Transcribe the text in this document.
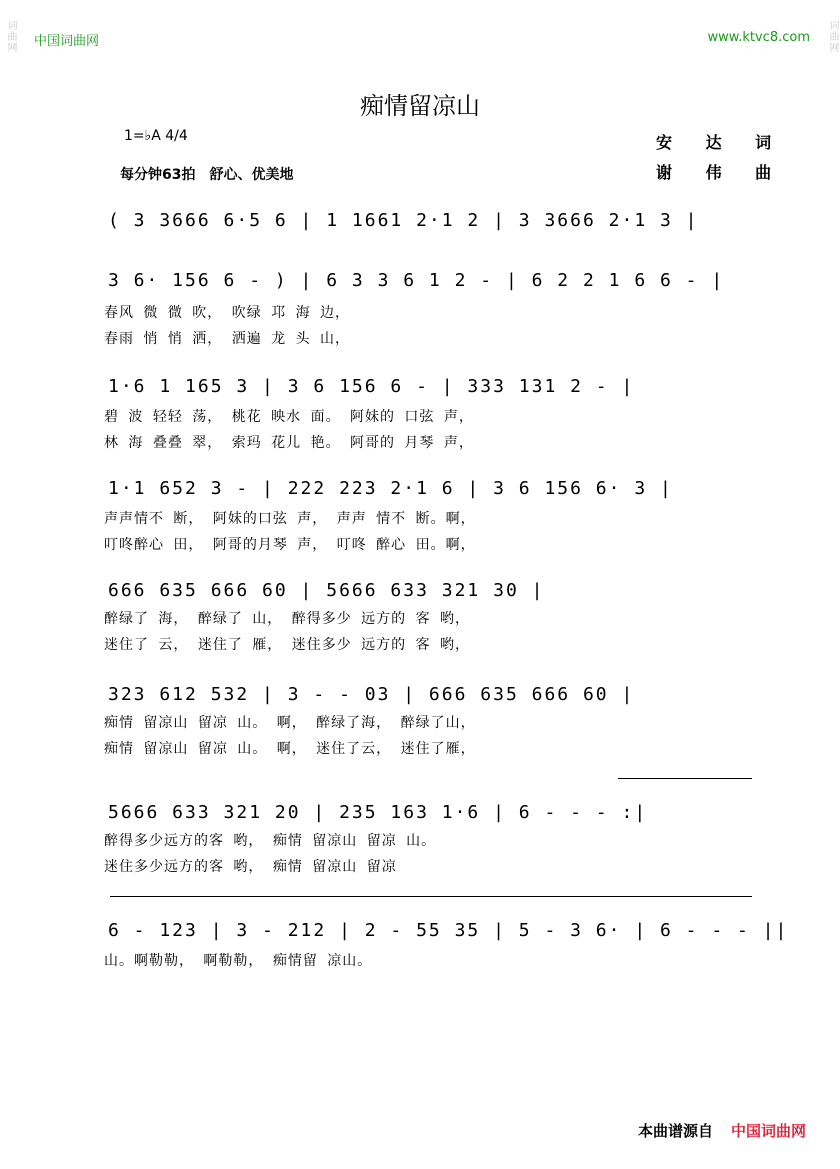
词曲网	词曲网
中国词曲网	www.ktvc8.com
痴情留凉山
1=♭A 4/4
每分钟63拍　舒心、优美地
安 达 词
谢 伟 曲
( 3 3666 6·5 6 | 1 1661 2·1 2 | 3 3666 2·1 3 |
3 6· 156 6 - ) | 6 3 3 6 1 2 - | 6 2 2 1 6 6 - |
春风 微 微 吹， 吹绿 邛 海 边，
春雨 悄 悄 洒， 洒遍 龙 头 山，
1·6 1 165 3 | 3 6 156 6 - | 333 131 2 - |
碧 波 轻轻 荡， 桃花 映水 面。 阿妹的 口弦 声，
林 海 叠叠 翠， 索玛 花儿 艳。 阿哥的 月琴 声，
1·1 652 3 - | 222 223 2·1 6 | 3 6 156 6· 3 |
声声情不 断， 阿妹的口弦 声， 声声 情不 断。啊，
叮咚醉心 田， 阿哥的月琴 声， 叮咚 醉心 田。啊，
666 635 666 60 | 5666 633 321 30 |
醉绿了 海， 醉绿了 山， 醉得多少 远方的 客 哟，
迷住了 云， 迷住了 雁， 迷住多少 远方的 客 哟，
323 612 532 | 3 - - 03 | 666 635 666 60 |
痴情 留凉山 留凉 山。 啊， 醉绿了海， 醉绿了山，
痴情 留凉山 留凉 山。 啊， 迷住了云， 迷住了雁，
5666 633 321 20 | 235 163 1·6 | 6 - - - :|
醉得多少远方的客 哟， 痴情 留凉山 留凉 山。
迷住多少远方的客 哟， 痴情 留凉山 留凉
6 - 123 | 3 - 212 | 2 - 55 35 | 5 - 3 6· | 6 - - - ||
山。啊勒勒， 啊勒勒， 痴情留 凉山。
本曲谱源自 中国词曲网
